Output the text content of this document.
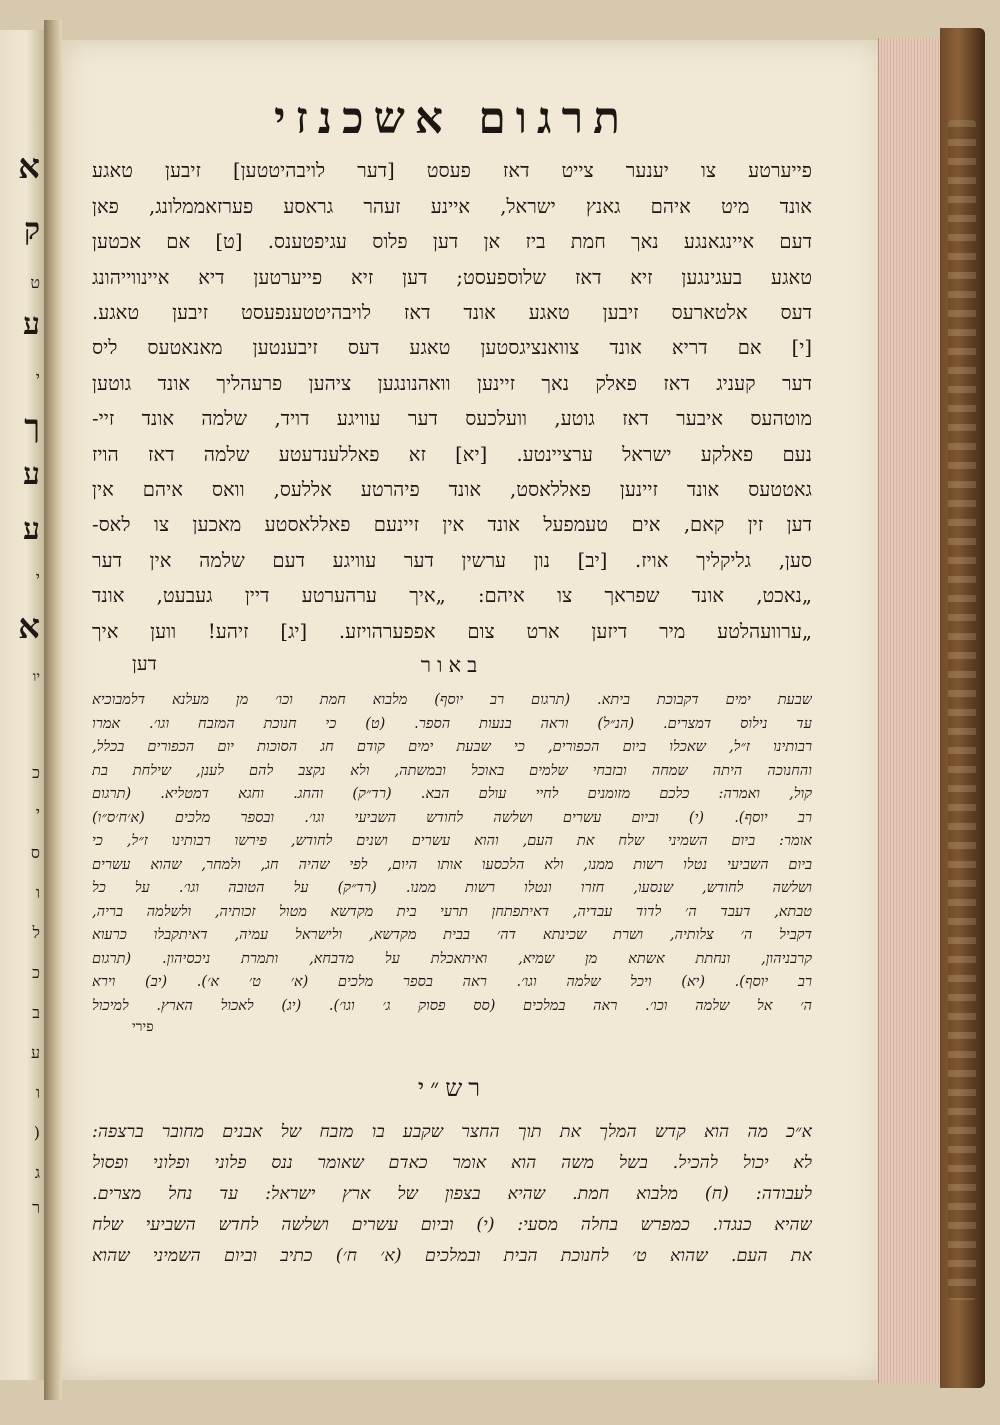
א
ק
ט
ע
י
ך
ע
ע
י
א
יו
כ
י
ס
ו
ל
כ
ב
ע
ו
(
ג
ר
תרגום אשכנזי
פייערטע צו יענער צייט דאז פעסט [דער לויבהיטטען] זיבען טאגע
אונד מיט איהם גאנץ ישראל, איינע זעהר גראסע פערזאממלונג, פאן
דעם איינגאנגע נאך חמת ביז אן דען פלוס עגיפטענס. [ט] אם אכטען
טאגע בעגינגען זיא דאז שלוספעסט; דען זיא פייערטען דיא איינווייהונג
דעס אלטארעס זיבען טאגע אונד דאז לויבהיטטענפעסט זיבען טאגע.
[י] אם דריא אונד צוואנציגסטען טאגע דעס זיבענטען מאנאטעס ליס
דער קעניג דאז פאלק נאך זיינען וואהנונגען ציהען פרעהליך אונד גוטען
מוטהעס איבער דאז גוטע, וועלכעס דער עוויגע דויד, שלמה אונד זיי-
נעם פאלקע ישראל ערציינטע. [יא] זא פאללענדעטע שלמה דאז הויז
גאטטעס אונד זיינען פאללאסט, אונד פיהרטע אללעס, וואס איהם אין
דען זין קאם, אים טעמפעל אונד אין זיינעם פאללאסטע מאכען צו לאס-
סען, גליקליך אויז. [יב] נון ערשין דער עוויגע דעם שלמה אין דער
„נאכט, אונד שפראך צו איהם: „איך ערהערטע דיין געבעט, אונד
„ערוועהלטע מיר דיזען ארט צום אפפערהויזע. [יג] זיהע! ווען איך
באור
דען
שבעת ימים דקבוכת ביתא. (תרגום רב יוסף) מלבוא חמת וכו׳ מן מעלנא דלמבוכיא
עד נילוס דמצרים. (הנ״ל) וראה בנעות הספר. (ט) כי חנוכת המזבח וגו׳. אמרו
רבותינו ז״ל, שאכלו ביום הכפורים, כי שבעת ימים קודם חג הסוכות יום הכפורים בכלל,
והחנוכה היתה שמחה ובזבחי שלמים באוכל ובמשתה, ולא נקצב להם לענן, שילחת בת
קול, ואמרה: כלכם מזומנים לחיי עולם הבא. (רד״ק) והחג. וחגא דמטליא. (תרגום
רב יוסף). (י) וביום עשרים ושלשה לחודש השביעי וגו׳. ובספר מלכים (א׳ח׳ס״ו)
אומר: ביום השמיני שלח את העם, והוא עשרים ושנים לחודש, פירשו רבותינו ז״ל, כי
ביום השביעי נטלו רשות ממנו, ולא הלכסעו אותו היום, לפי שהיה חג, ולמחר, שהוא עשרים
ושלשה לחודש, שנסעו, חזרו ונטלו רשות ממנו. (רד״ק) על הטובה וגו׳. על כל
טבתא, דעבד ה׳ לדוד עבדיה, דאיתפתחן תרעי בית מקדשא מטול זכותיה, ולשלמה בריה,
דקביל ה׳ צלותיה, ושרת שכינתא דה׳ בבית מקדשא, ולישראל עמיה, דאיתקבלו כרעוא
קרבניהון, ונחתת אשתא מן שמיא, ואיתאכלת על מדבחא, ותמרת ניכסיהון. (תרגום
רב יוסף). (יא) ויכל שלמה וגו׳. ראה בספר מלכים (א׳ ט׳ א׳). (יב) וירא
ה׳ אל שלמה וכו׳. ראה במלכים (סס פסוק ג׳ וגו׳). (יג) לאכול הארץ. למיכול
פירי
רש״י
א״כ מה הוא קדש המלך את תוך החצר שקבע בו מזבח של אבנים מחובר ברצפה:
לא יכול להכיל. בשל משה הוא אומר כאדם שאומר ננס פלוני ופלוני ופסול
לעבודה: (ח) מלבוא חמת. שהיא בצפון של ארץ ישראל: עד נחל מצרים.
שהיא כנגדו. כמפרש בחלה מסעי: (י) וביום עשרים ושלשה לחדש השביעי שלח
את העם. שהוא ט׳ לחנוכת הבית ובמלכים (א׳ ח׳) כתיב וביום השמיני שהוא
